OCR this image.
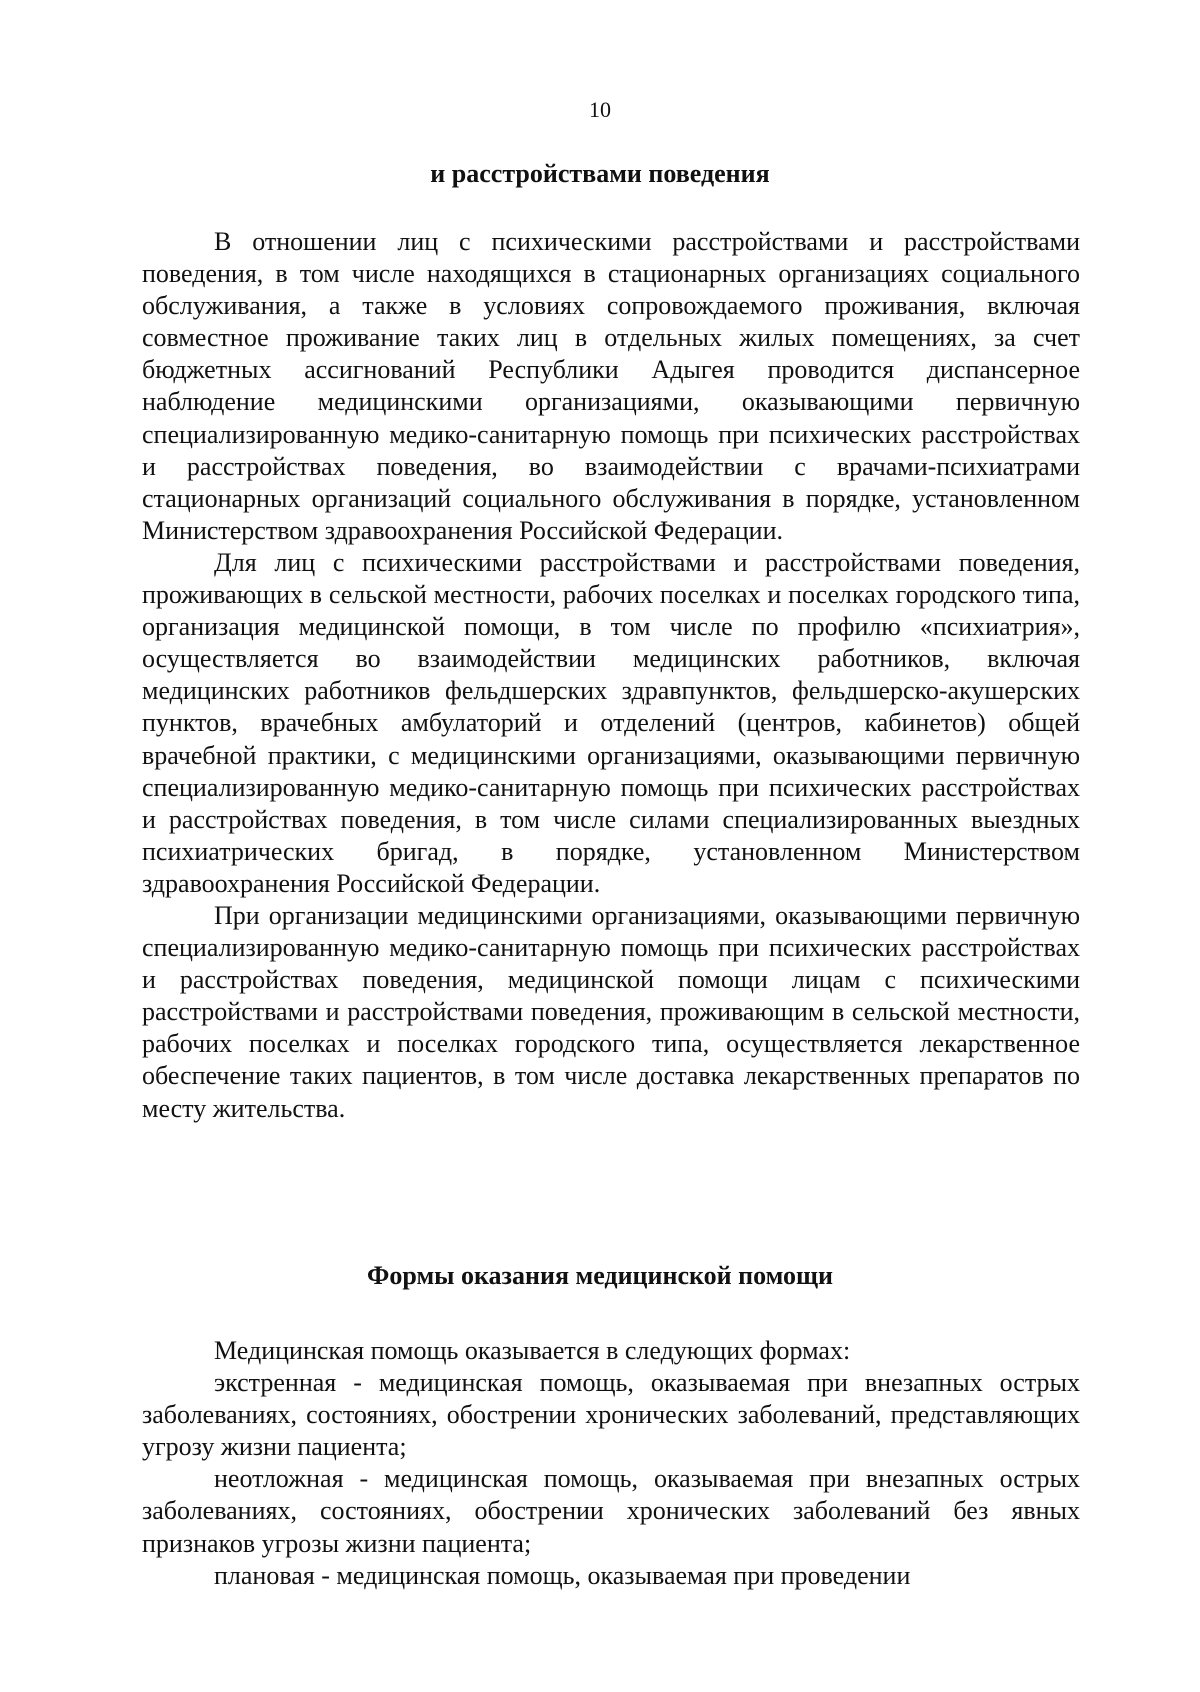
10
и расстройствами поведения

В отношении лиц с психическими расстройствами и расстройствами поведения, в том числе находящихся в стационарных организациях социального обслуживания, а также в условиях сопровождаемого проживания, включая совместное проживание таких лиц в отдельных жилых помещениях, за счет бюджетных ассигнований Республики Адыгея проводится диспансерное наблюдение медицинскими организациями, оказывающими первичную специализированную медико-санитарную помощь при психических расстройствах и расстройствах поведения, во взаимодействии с врачами-психиатрами стационарных организаций социального обслуживания в порядке, установленном Министерством здравоохранения Российской Федерации.

Для лиц с психическими расстройствами и расстройствами поведения, проживающих в сельской местности, рабочих поселках и поселках городского типа, организация медицинской помощи, в том числе по профилю «психиатрия», осуществляется во взаимодействии медицинских работников, включая медицинских работников фельдшерских здравпунктов, фельдшерско-акушерских пунктов, врачебных амбулаторий и отделений (центров, кабинетов) общей врачебной практики, с медицинскими организациями, оказывающими первичную специализированную медико-санитарную помощь при психических расстройствах и расстройствах поведения, в том числе силами специализированных выездных психиатрических бригад, в порядке, установленном Министерством здравоохранения Российской Федерации.

При организации медицинскими организациями, оказывающими первичную специализированную медико-санитарную помощь при психических расстройствах и расстройствах поведения, медицинской помощи лицам с психическими расстройствами и расстройствами поведения, проживающим в сельской местности, рабочих поселках и поселках городского типа, осуществляется лекарственное обеспечение таких пациентов, в том числе доставка лекарственных препаратов по месту жительства.

Формы оказания медицинской помощи

Медицинская помощь оказывается в следующих формах:

экстренная - медицинская помощь, оказываемая при внезапных острых заболеваниях, состояниях, обострении хронических заболеваний, представляющих угрозу жизни пациента;

неотложная - медицинская помощь, оказываемая при внезапных острых заболеваниях, состояниях, обострении хронических заболеваний без явных признаков угрозы жизни пациента;

плановая - медицинская помощь, оказываемая при проведении
